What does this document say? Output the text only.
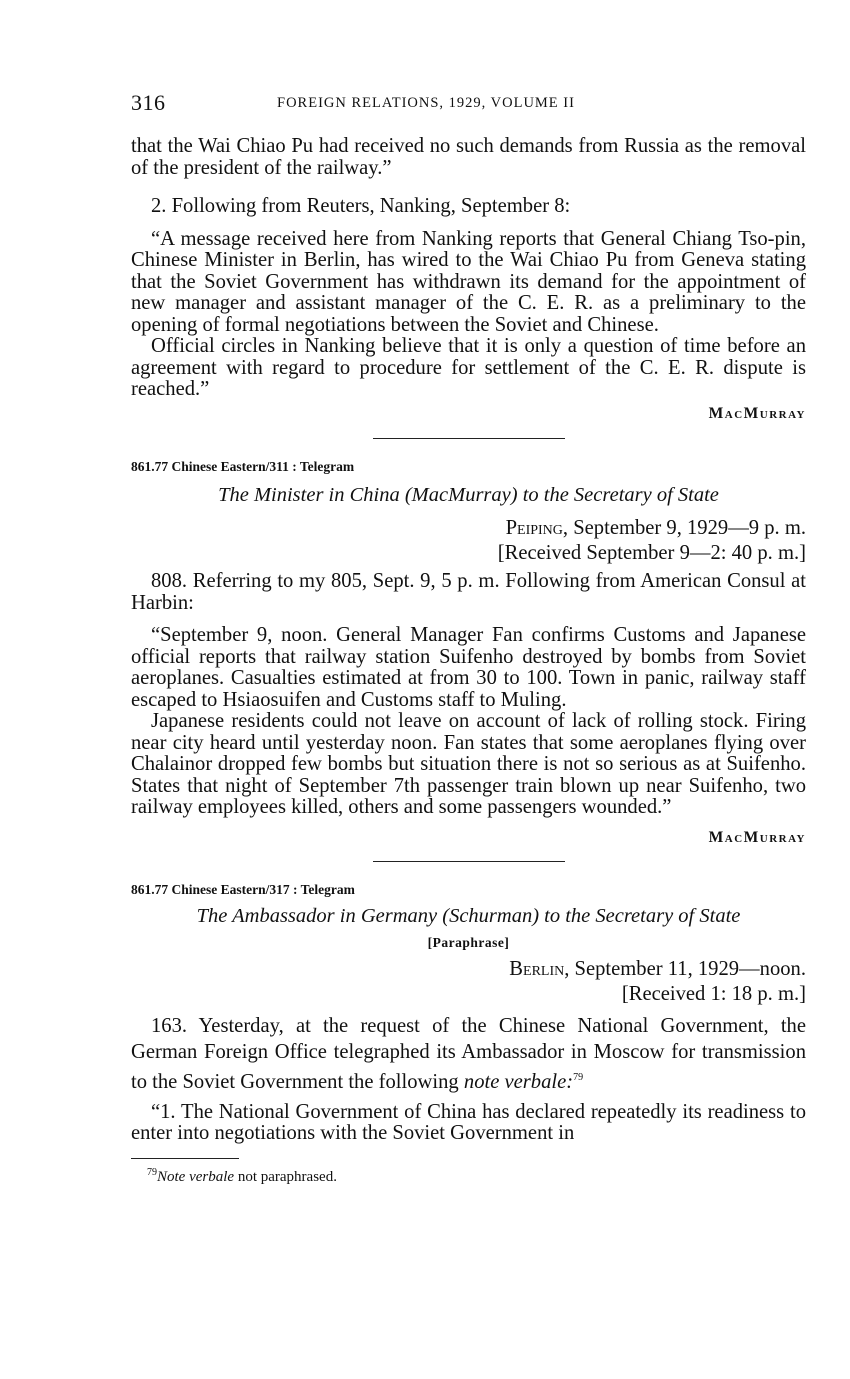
316	FOREIGN RELATIONS, 1929, VOLUME II

that the Wai Chiao Pu had received no such demands from Russia as the removal of the president of the railway.”

2. Following from Reuters, Nanking, September 8:

“A message received here from Nanking reports that General Chiang Tso-pin, Chinese Minister in Berlin, has wired to the Wai Chiao Pu from Geneva stating that the Soviet Government has withdrawn its demand for the appointment of new manager and assistant manager of the C. E. R. as a preliminary to the opening of formal negotiations between the Soviet and Chinese.

Official circles in Nanking believe that it is only a question of time before an agreement with regard to procedure for settlement of the C. E. R. dispute is reached.”

MacMurray

861.77 Chinese Eastern/311 : Telegram

The Minister in China (MacMurray) to the Secretary of State

Peiping, September 9, 1929—9 p. m.

[Received September 9—2: 40 p. m.]

808. Referring to my 805, Sept. 9, 5 p. m. Following from American Consul at Harbin:

“September 9, noon. General Manager Fan confirms Customs and Japanese official reports that railway station Suifenho destroyed by bombs from Soviet aeroplanes. Casualties estimated at from 30 to 100. Town in panic, railway staff escaped to Hsiaosuifen and Customs staff to Muling.

Japanese residents could not leave on account of lack of rolling stock. Firing near city heard until yesterday noon. Fan states that some aeroplanes flying over Chalainor dropped few bombs but situation there is not so serious as at Suifenho. States that night of September 7th passenger train blown up near Suifenho, two railway employees killed, others and some passengers wounded.”

MacMurray

861.77 Chinese Eastern/317 : Telegram

The Ambassador in Germany (Schurman) to the Secretary of State

[Paraphrase]

Berlin, September 11, 1929—noon.

[Received 1: 18 p. m.]

163. Yesterday, at the request of the Chinese National Government, the German Foreign Office telegraphed its Ambassador in Moscow for transmission to the Soviet Government the following note verbale:$^{79}$

“1. The National Government of China has declared repeatedly its readiness to enter into negotiations with the Soviet Government in

$^{79}$Note verbale not paraphrased.
